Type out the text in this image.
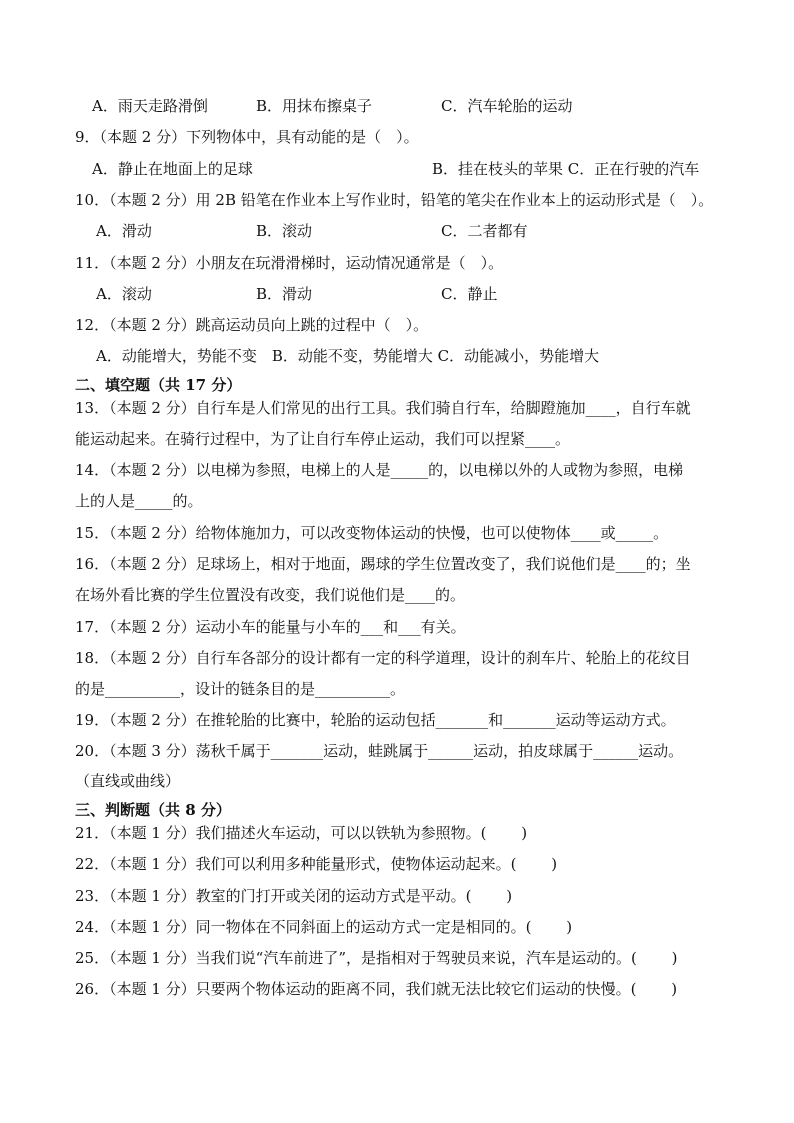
A．雨天走路滑倒	B．用抹布擦桌子	C．汽车轮胎的运动
9．（本题 2 分）下列物体中，具有动能的是（　）。
A．静止在地面上的足球	B．挂在枝头的苹果 C．正在行驶的汽车
10．（本题 2 分）用 2B 铅笔在作业本上写作业时，铅笔的笔尖在作业本上的运动形式是（　）。
A．滑动	B．滚动	C．二者都有
11．（本题 2 分）小朋友在玩滑滑梯时，运动情况通常是（　）。
A．滚动	B．滑动	C．静止
12．（本题 2 分）跳高运动员向上跳的过程中（　）。
A．动能增大，势能不变　B．动能不变，势能增大 C．动能减小，势能增大
二、填空题（共 17 分）
13．（本题 2 分）自行车是人们常见的出行工具。我们骑自行车，给脚蹬施加____，自行车就
能运动起来。在骑行过程中，为了让自行车停止运动，我们可以捏紧____。
14．（本题 2 分）以电梯为参照，电梯上的人是_____的，以电梯以外的人或物为参照，电梯
上的人是_____的。
15．（本题 2 分）给物体施加力，可以改变物体运动的快慢，也可以使物体____或_____。
16．（本题 2 分）足球场上，相对于地面，踢球的学生位置改变了，我们说他们是____的；坐
在场外看比赛的学生位置没有改变，我们说他们是____的。
17．（本题 2 分）运动小车的能量与小车的___和___有关。
18．（本题 2 分）自行车各部分的设计都有一定的科学道理，设计的刹车片、轮胎上的花纹目
的是__________，设计的链条目的是__________。
19．（本题 2 分）在推轮胎的比赛中，轮胎的运动包括_______和_______运动等运动方式。
20．（本题 3 分）荡秋千属于_______运动，蛙跳属于______运动，拍皮球属于______运动。
（直线或曲线）
三、判断题（共 8 分）
21．（本题 1 分）我们描述火车运动，可以以铁轨为参照物。(　　 )
22．（本题 1 分）我们可以利用多种能量形式，使物体运动起来。(　　 )
23．（本题 1 分）教室的门打开或关闭的运动方式是平动。(　　 )
24．（本题 1 分）同一物体在不同斜面上的运动方式一定是相同的。(　　 )
25．（本题 1 分）当我们说“汽车前进了”，是指相对于驾驶员来说，汽车是运动的。(　　 )
26．（本题 1 分）只要两个物体运动的距离不同，我们就无法比较它们运动的快慢。(　　 )
